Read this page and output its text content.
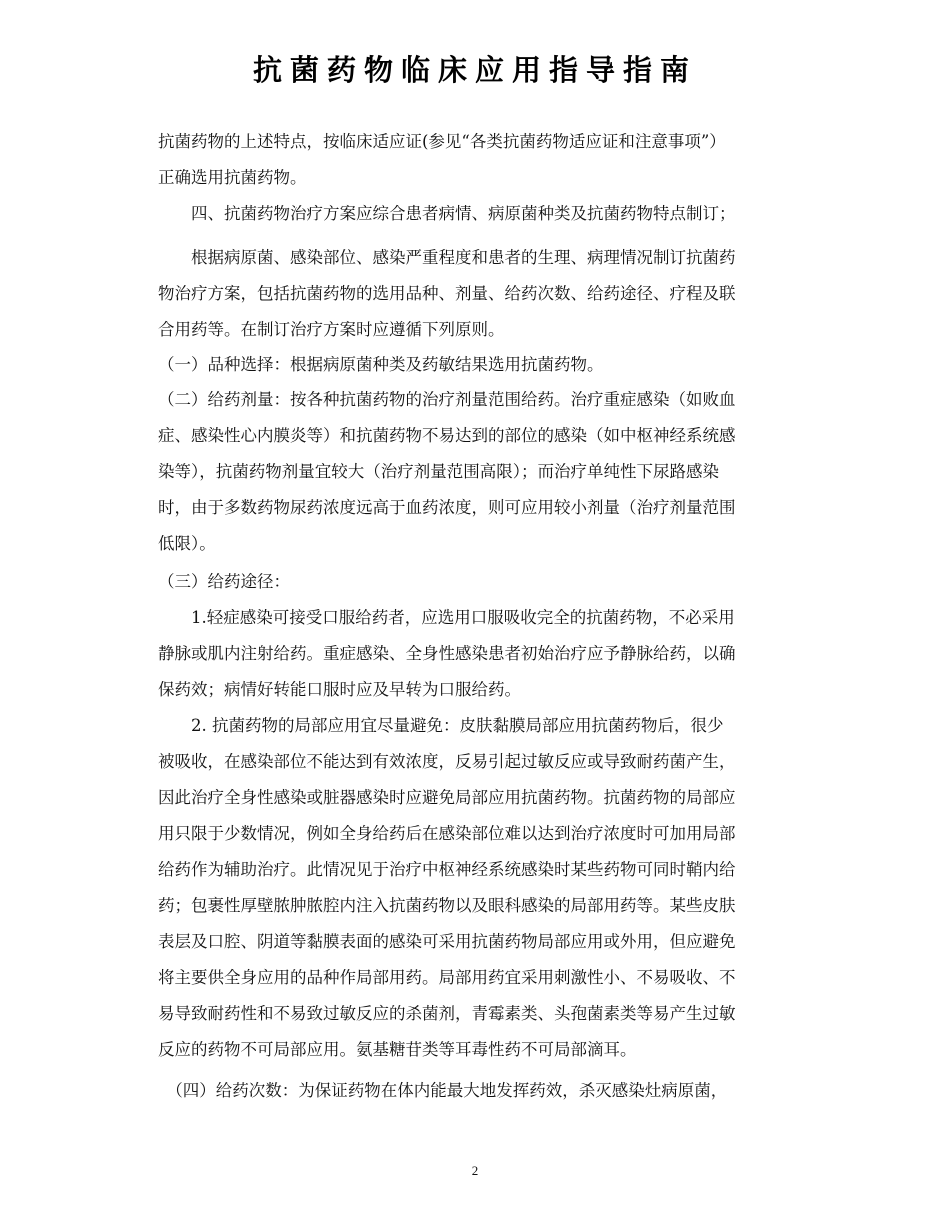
抗菌药物临床应用指导指南
抗菌药物的上述特点，按临床适应证(参见“各类抗菌药物适应证和注意事项”）
正确选用抗菌药物。
　　四、抗菌药物治疗方案应综合患者病情、病原菌种类及抗菌药物特点制订；
　　根据病原菌、感染部位、感染严重程度和患者的生理、病理情况制订抗菌药
物治疗方案，包括抗菌药物的选用品种、剂量、给药次数、给药途径、疗程及联
合用药等。在制订治疗方案时应遵循下列原则。
（一）品种选择：根据病原菌种类及药敏结果选用抗菌药物。
（二）给药剂量：按各种抗菌药物的治疗剂量范围给药。治疗重症感染（如败血
症、感染性心内膜炎等）和抗菌药物不易达到的部位的感染（如中枢神经系统感
染等），抗菌药物剂量宜较大（治疗剂量范围高限）；而治疗单纯性下尿路感染
时，由于多数药物尿药浓度远高于血药浓度，则可应用较小剂量（治疗剂量范围
低限）。
（三）给药途径：
　　1.轻症感染可接受口服给药者，应选用口服吸收完全的抗菌药物，不必采用
静脉或肌内注射给药。重症感染、全身性感染患者初始治疗应予静脉给药，以确
保药效；病情好转能口服时应及早转为口服给药。
　　2. 抗菌药物的局部应用宜尽量避免：皮肤黏膜局部应用抗菌药物后，很少
被吸收，在感染部位不能达到有效浓度，反易引起过敏反应或导致耐药菌产生，
因此治疗全身性感染或脏器感染时应避免局部应用抗菌药物。抗菌药物的局部应
用只限于少数情况，例如全身给药后在感染部位难以达到治疗浓度时可加用局部
给药作为辅助治疗。此情况见于治疗中枢神经系统感染时某些药物可同时鞘内给
药；包裹性厚壁脓肿脓腔内注入抗菌药物以及眼科感染的局部用药等。某些皮肤
表层及口腔、阴道等黏膜表面的感染可采用抗菌药物局部应用或外用，但应避免
将主要供全身应用的品种作局部用药。局部用药宜采用刺激性小、不易吸收、不
易导致耐药性和不易致过敏反应的杀菌剂，青霉素类、头孢菌素类等易产生过敏
反应的药物不可局部应用。氨基糖苷类等耳毒性药不可局部滴耳。
　（四）给药次数：为保证药物在体内能最大地发挥药效，杀灭感染灶病原菌，
2
